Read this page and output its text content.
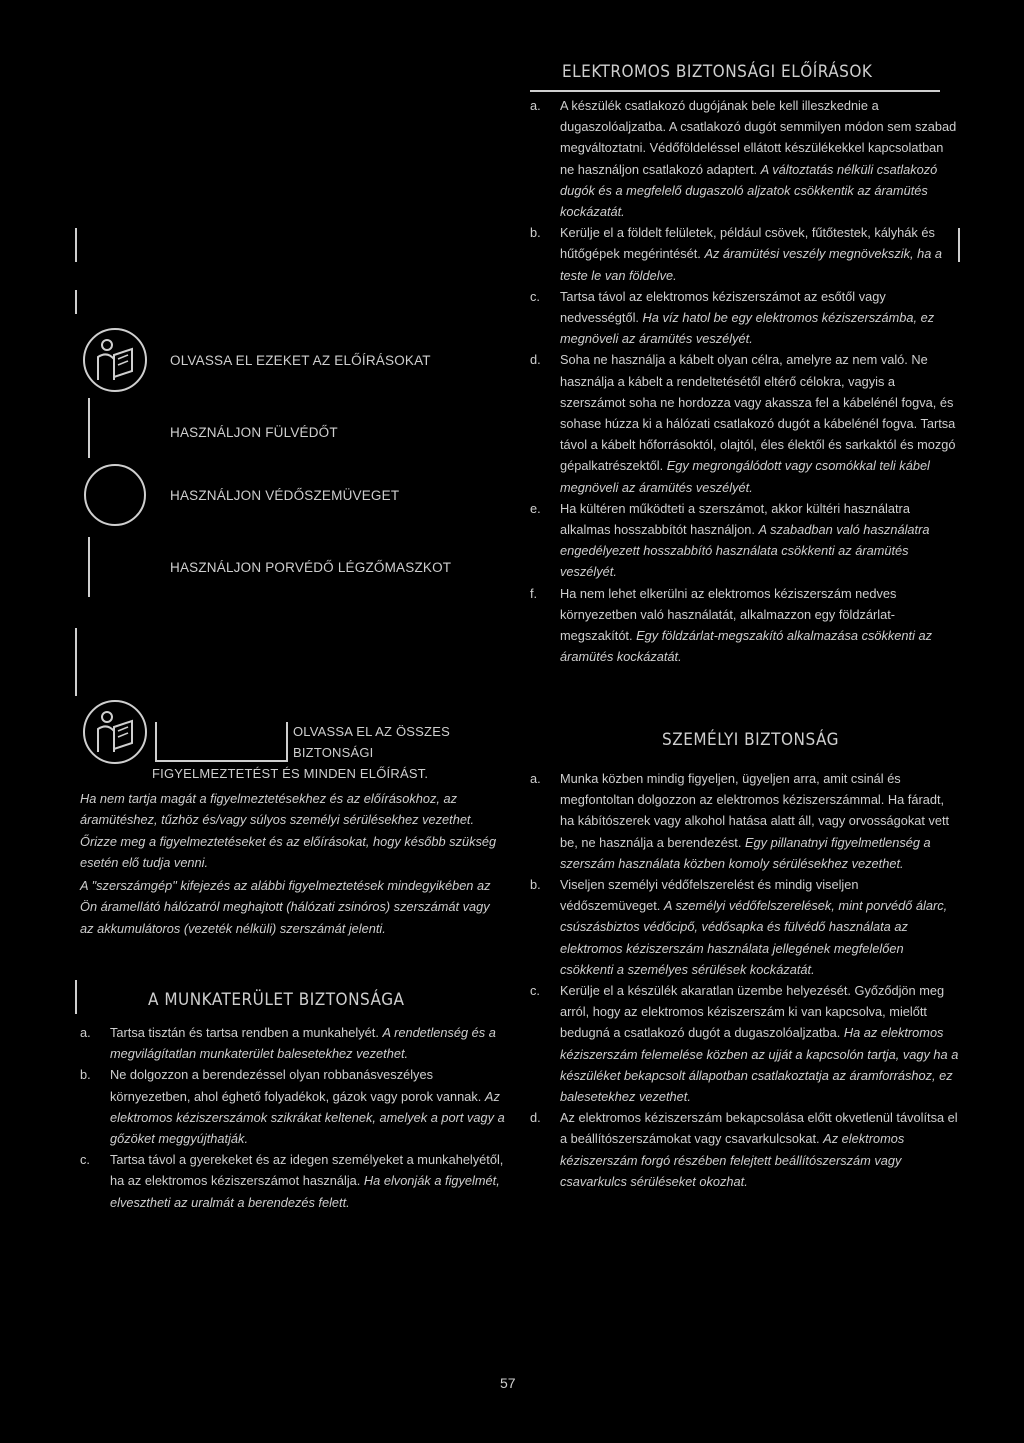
ELEKTROMOS BIZTONSÁGI ELŐÍRÁSOK
a.	A készülék csatlakozó dugójának bele kell illeszkednie a dugaszolóaljzatba. A csatlakozó dugót semmilyen módon sem szabad megváltoztatni. Védőföldeléssel ellátott készülékekkel kapcsolatban ne használjon csatlakozó adaptert. A változtatás nélküli csatlakozó dugók és a megfelelő dugaszoló aljzatok csökkentik az áramütés kockázatát.
b.	Kerülje el a földelt felületek, például csövek, fűtőtestek, kályhák és hűtőgépek megérintését. Az áramütési veszély megnövekszik, ha a teste le van földelve.
c.	Tartsa távol az elektromos kéziszerszámot az esőtől vagy nedvességtől. Ha víz hatol be egy elektromos kéziszerszámba, ez megnöveli az áramütés veszélyét.
d.	Soha ne használja a kábelt olyan célra, amelyre az nem való. Ne használja a kábelt a rendeltetésétől eltérő célokra, vagyis a szerszámot soha ne hordozza vagy akassza fel a kábelénél fogva, és sohase húzza ki a hálózati csatlakozó dugót a kábelénél fogva. Tartsa távol a kábelt hőforrásoktól, olajtól, éles élektől és sarkaktól és mozgó gépalkatrészektől. Egy megrongálódott vagy csomókkal teli kábel megnöveli az áramütés veszélyét.
e.	Ha kültéren működteti a szerszámot, akkor kültéri használatra alkalmas hosszabbítót használjon. A szabadban való használatra engedélyezett hosszabbító használata csökkenti az áramütés veszélyét.
f.	Ha nem lehet elkerülni az elektromos kéziszerszám nedves környezetben való használatát, alkalmazzon egy földzárlat-megszakítót. Egy földzárlat-megszakító alkalmazása csökkenti az áramütés kockázatát.
OLVASSA EL EZEKET AZ ELŐÍRÁSOKAT
HASZNÁLJON FÜLVÉDŐT
HASZNÁLJON VÉDŐSZEMÜVEGET
HASZNÁLJON PORVÉDŐ LÉGZŐMASZKOT
OLVASSA EL AZ ÖSSZES
BIZTONSÁGI
FIGYELMEZTETÉST ÉS MINDEN ELŐÍRÁST.
Ha nem tartja magát a figyelmeztetésekhez és az előírásokhoz, az áramütéshez, tűzhöz és/vagy súlyos személyi sérülésekhez vezethet. Őrizze meg a figyelmeztetéseket és az előírásokat, hogy később szükség esetén elő tudja venni.
A "szerszámgép" kifejezés az alábbi figyelmeztetések mindegyikében az Ön áramellátó hálózatról meghajtott (hálózati zsinóros) szerszámát vagy az akkumulátoros (vezeték nélküli) szerszámát jelenti.
A MUNKATERÜLET BIZTONSÁGA
a.	Tartsa tisztán és tartsa rendben a munkahelyét. A rendetlenség és a megvilágítatlan munkaterület balesetekhez vezethet.
b.	Ne dolgozzon a berendezéssel olyan robbanásveszélyes környezetben, ahol éghető folyadékok, gázok vagy porok vannak. Az elektromos kéziszerszámok szikrákat keltenek, amelyek a port vagy a gőzöket meggyújthatják.
c.	Tartsa távol a gyerekeket és az idegen személyeket a munkahelyétől, ha az elektromos kéziszerszámot használja. Ha elvonják a figyelmét, elvesztheti az uralmát a berendezés felett.
SZEMÉLYI BIZTONSÁG
a.	Munka közben mindig figyeljen, ügyeljen arra, amit csinál és megfontoltan dolgozzon az elektromos kéziszerszámmal. Ha fáradt, ha kábítószerek vagy alkohol hatása alatt áll, vagy orvosságokat vett be, ne használja a berendezést. Egy pillanatnyi figyelmetlenség a szerszám használata közben komoly sérülésekhez vezethet.
b.	Viseljen személyi védőfelszerelést és mindig viseljen védőszemüveget. A személyi védőfelszerelések, mint porvédő álarc, csúszásbiztos védőcipő, védősapka és fülvédő használata az elektromos kéziszerszám használata jellegének megfelelően csökkenti a személyes sérülések kockázatát.
c.	Kerülje el a készülék akaratlan üzembe helyezését. Győződjön meg arról, hogy az elektromos kéziszerszám ki van kapcsolva, mielőtt bedugná a csatlakozó dugót a dugaszolóaljzatba. Ha az elektromos kéziszerszám felemelése közben az ujját a kapcsolón tartja, vagy ha a készüléket bekapcsolt állapotban csatlakoztatja az áramforráshoz, ez balesetekhez vezethet.
d.	Az elektromos kéziszerszám bekapcsolása előtt okvetlenül távolítsa el a beállítószerszámokat vagy csavarkulcsokat. Az elektromos kéziszerszám forgó részében felejtett beállítószerszám vagy csavarkulcs sérüléseket okozhat.
57
